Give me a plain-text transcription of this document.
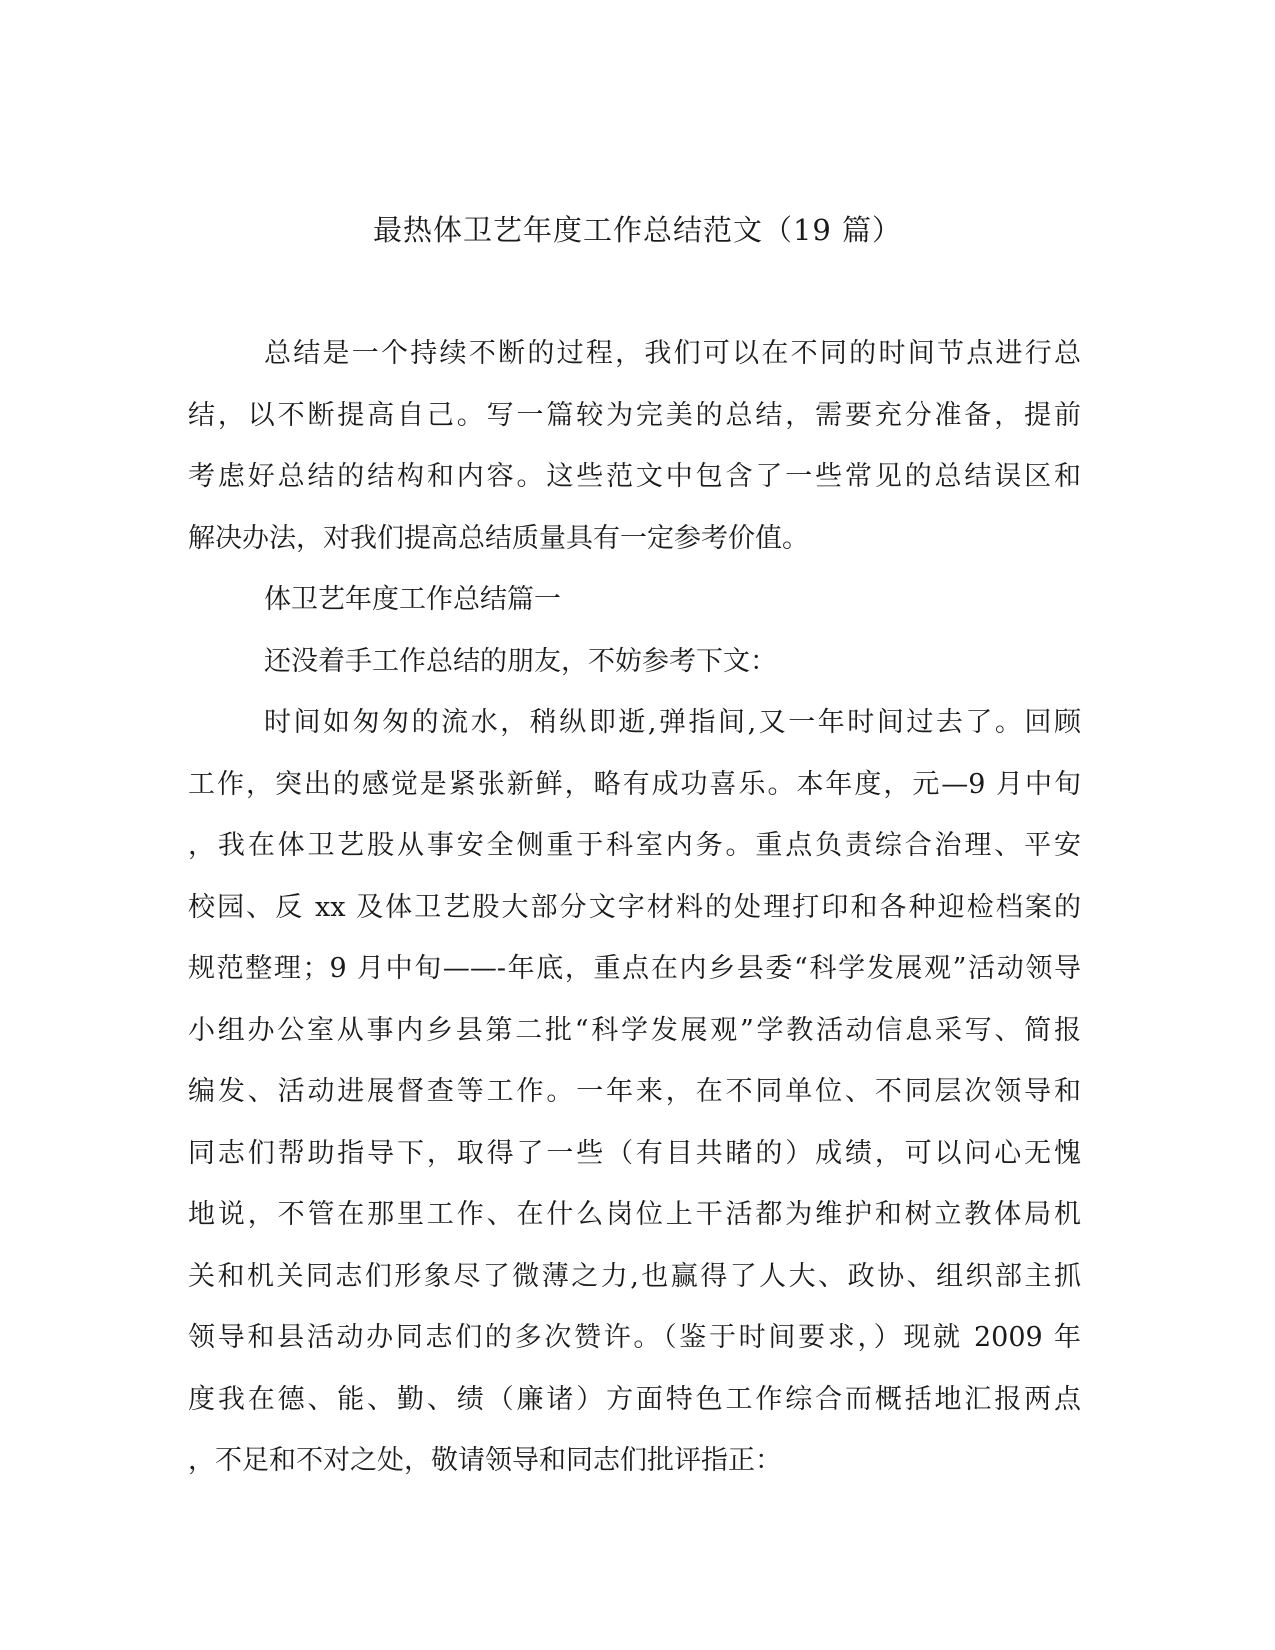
最热体卫艺年度工作总结范文（19 篇）
总结是一个持续不断的过程，我们可以在不同的时间节点进行总
结，以不断提高自己。写一篇较为完美的总结，需要充分准备，提前
考虑好总结的结构和内容。这些范文中包含了一些常见的总结误区和
解决办法，对我们提高总结质量具有一定参考价值。
体卫艺年度工作总结篇一
还没着手工作总结的朋友，不妨参考下文：
时间如匆匆的流水，稍纵即逝,弹指间,又一年时间过去了。回顾
工作，突出的感觉是紧张新鲜，略有成功喜乐。本年度，元—9 月中旬
，我在体卫艺股从事安全侧重于科室内务。重点负责综合治理、平安
校园、反 xx 及体卫艺股大部分文字材料的处理打印和各种迎检档案的
规范整理；9 月中旬——-年底，重点在内乡县委“科学发展观”活动领导
小组办公室从事内乡县第二批“科学发展观”学教活动信息采写、简报
编发、活动进展督查等工作。一年来，在不同单位、不同层次领导和
同志们帮助指导下，取得了一些（有目共睹的）成绩，可以问心无愧
地说，不管在那里工作、在什么岗位上干活都为维护和树立教体局机
关和机关同志们形象尽了微薄之力,也赢得了人大、政协、组织部主抓
领导和县活动办同志们的多次赞许。（鉴于时间要求，）现就 2009 年
度我在德、能、勤、绩（廉诸）方面特色工作综合而概括地汇报两点
，不足和不对之处，敬请领导和同志们批评指正：
